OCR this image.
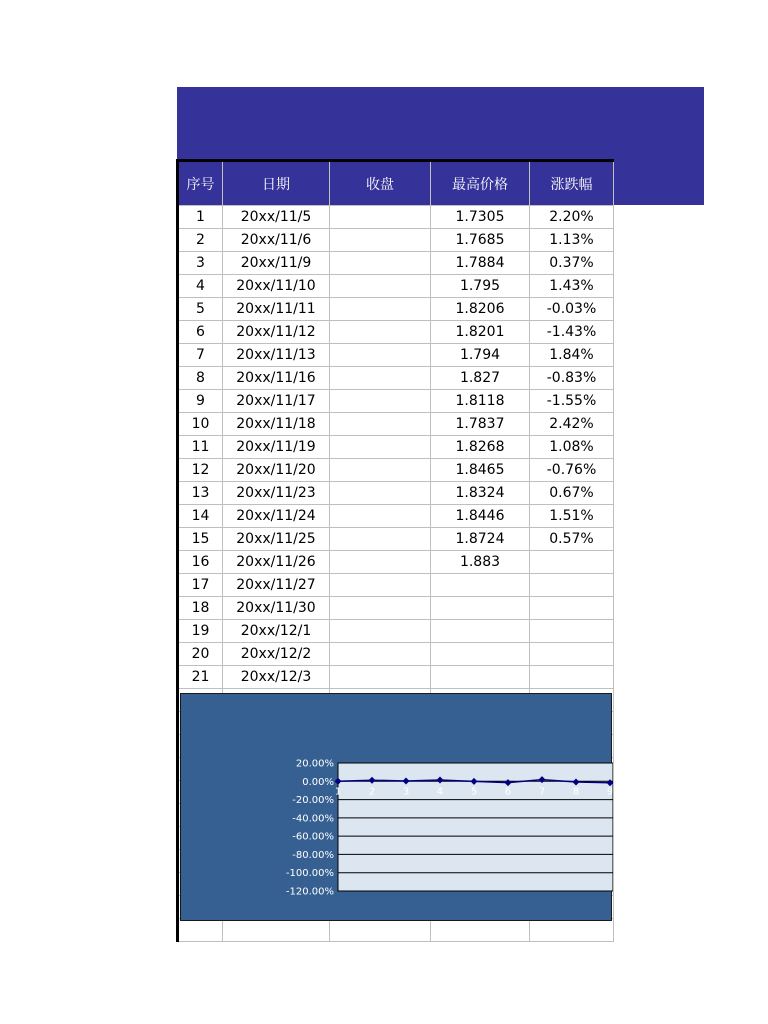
序号	日期	收盘	最高价格	涨跌幅
1	20xx/11/5		1.7305	2.20%
2	20xx/11/6		1.7685	1.13%
3	20xx/11/9		1.7884	0.37%
4	20xx/11/10		1.795	1.43%
5	20xx/11/11		1.8206	-0.03%
6	20xx/11/12		1.8201	-1.43%
7	20xx/11/13		1.794	1.84%
8	20xx/11/16		1.827	-0.83%
9	20xx/11/17		1.8118	-1.55%
10	20xx/11/18		1.7837	2.42%
11	20xx/11/19		1.8268	1.08%
12	20xx/11/20		1.8465	-0.76%
13	20xx/11/23		1.8324	0.67%
14	20xx/11/24		1.8446	1.51%
15	20xx/11/25		1.8724	0.57%
16	20xx/11/26		1.883	
17	20xx/11/27			
18	20xx/11/30			
19	20xx/12/1			
20	20xx/12/2			
21	20xx/12/3			

20.00%
0.00%
-20.00%
-40.00%
-60.00%
-80.00%
-100.00%
-120.00%
1	2	3	4	5	6	7	8	9
